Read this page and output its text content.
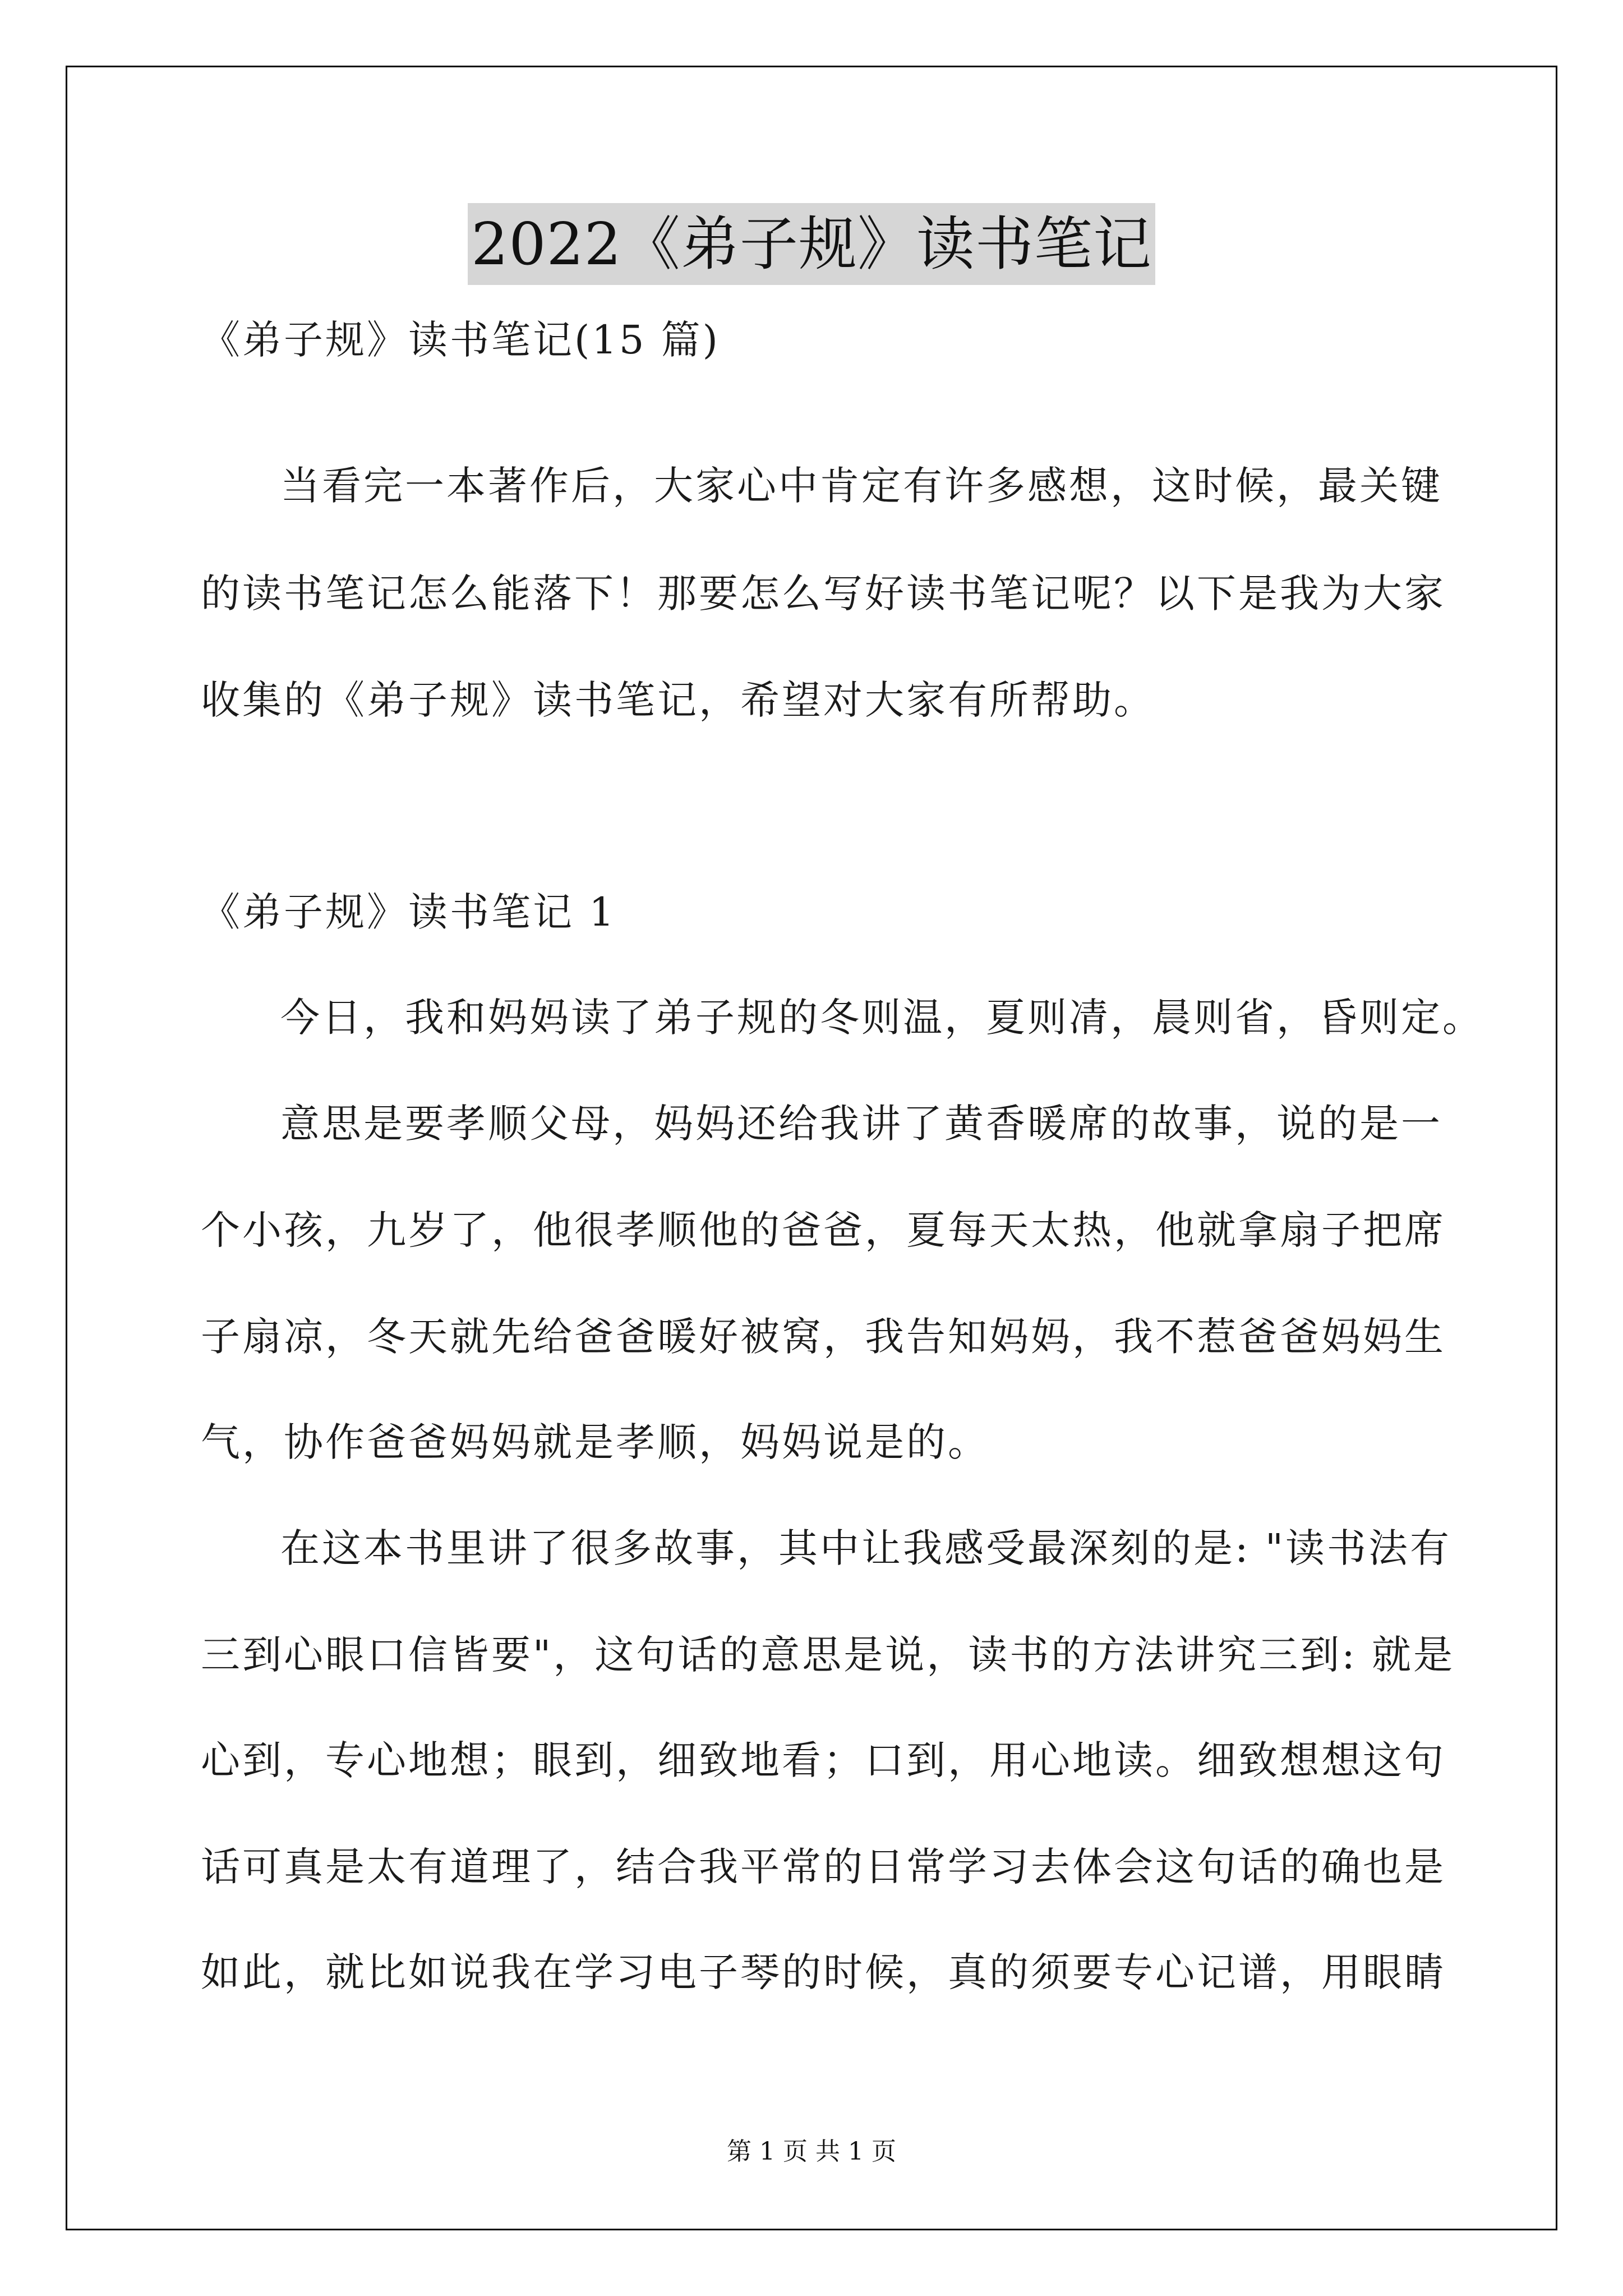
2022《弟子规》读书笔记
《弟子规》读书笔记(15 篇)
当看完一本著作后，大家心中肯定有许多感想，这时候，最关键
的读书笔记怎么能落下！那要怎么写好读书笔记呢？以下是我为大家
收集的《弟子规》读书笔记，希望对大家有所帮助。
《弟子规》读书笔记 1
今日，我和妈妈读了弟子规的冬则温，夏则凊，晨则省，昏则定。
意思是要孝顺父母，妈妈还给我讲了黄香暖席的故事，说的是一
个小孩，九岁了，他很孝顺他的爸爸，夏每天太热，他就拿扇子把席
子扇凉，冬天就先给爸爸暖好被窝，我告知妈妈，我不惹爸爸妈妈生
气，协作爸爸妈妈就是孝顺，妈妈说是的。
在这本书里讲了很多故事，其中让我感受最深刻的是: "读书法有
三到心眼口信皆要"，这句话的意思是说，读书的方法讲究三到: 就是
心到，专心地想；眼到，细致地看；口到，用心地读。细致想想这句
话可真是太有道理了，结合我平常的日常学习去体会这句话的确也是
如此，就比如说我在学习电子琴的时候，真的须要专心记谱，用眼睛
第 1 页 共 1 页
